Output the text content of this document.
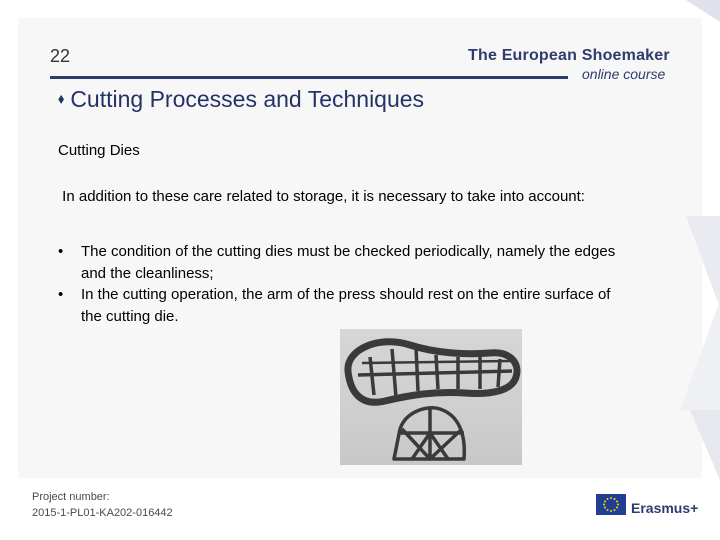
22	The European Shoemaker
online course
⬧ Cutting Processes and Techniques
Cutting Dies
In addition to these care related to storage, it is necessary to take into account:
• The condition of the cutting dies must be checked periodically, namely the edges and the cleanliness;
• In the cutting operation, the arm of the press should rest on the entire surface of the cutting die.
Project number:
2015-1-PL01-KA202-016442	Erasmus+
